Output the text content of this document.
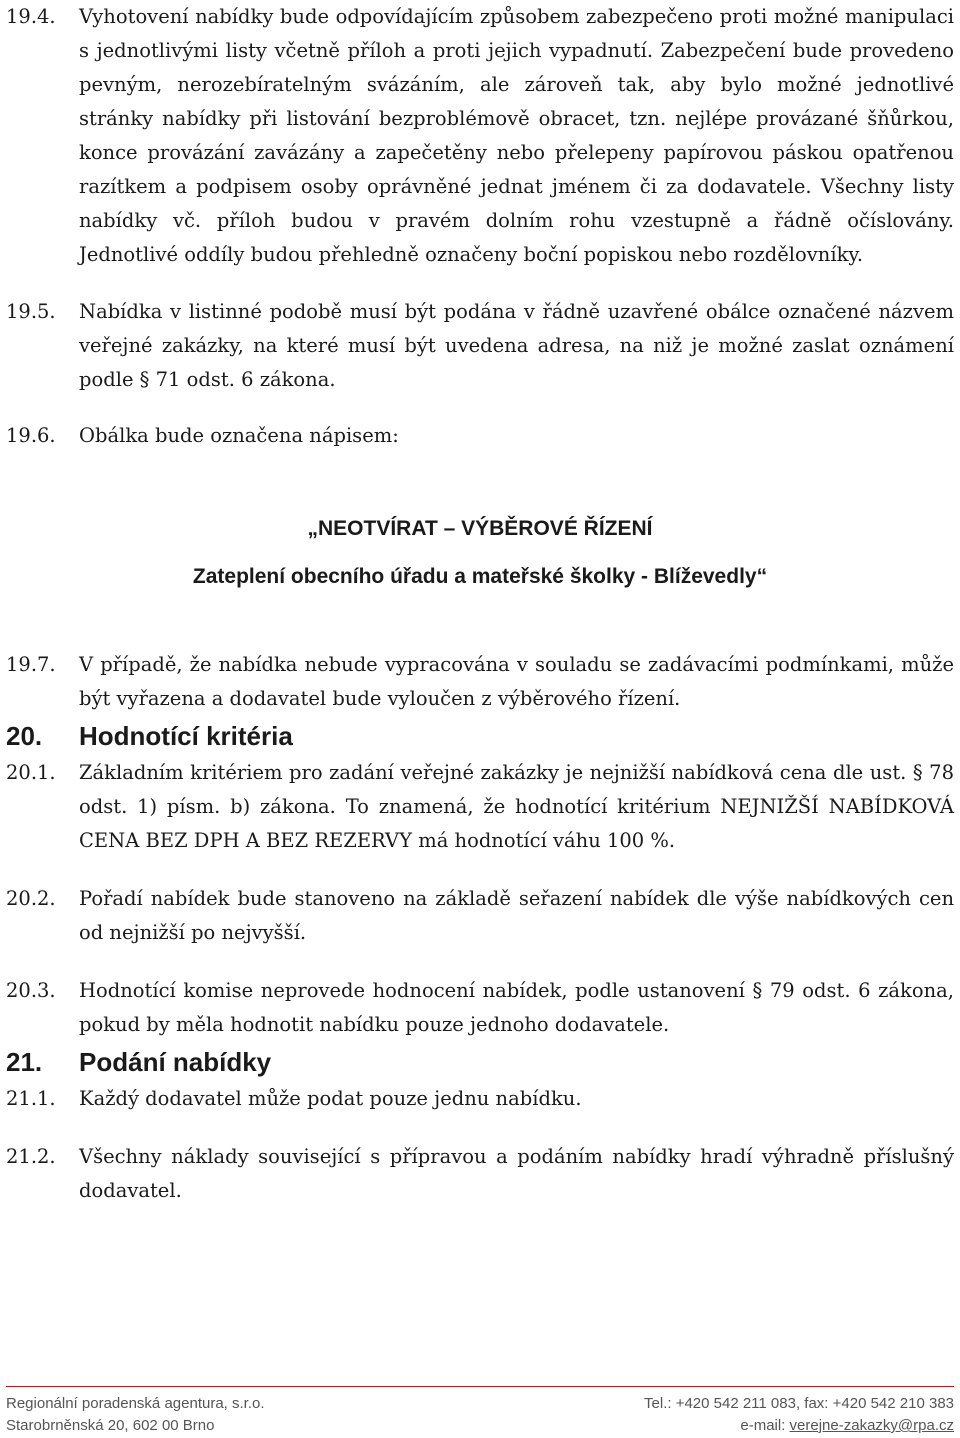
19.4.	Vyhotovení nabídky bude odpovídajícím způsobem zabezpečeno proti možné manipulaci s jednotlivými listy včetně příloh a proti jejich vypadnutí. Zabezpečení bude provedeno pevným, nerozebíratelným svázáním, ale zároveň tak, aby bylo možné jednotlivé stránky nabídky při listování bezproblémově obracet, tzn. nejlépe provázané šňůrkou, konce provázání zavázány a zapečetěny nebo přelepeny papírovou páskou opatřenou razítkem a podpisem osoby oprávněné jednat jménem či za dodavatele. Všechny listy nabídky vč. příloh budou v pravém dolním rohu vzestupně a řádně očíslovány. Jednotlivé oddíly budou přehledně označeny boční popiskou nebo rozdělovníky.
19.5.	Nabídka v listinné podobě musí být podána v řádně uzavřené obálce označené názvem veřejné zakázky, na které musí být uvedena adresa, na niž je možné zaslat oznámení podle § 71 odst. 6 zákona.
19.6.	Obálka bude označena nápisem:
„NEOTVÍRAT – VÝBĚROVÉ ŘÍZENÍ
Zateplení obecního úřadu a mateřské školky - Blíževedly“
19.7.	V případě, že nabídka nebude vypracována v souladu se zadávacími podmínkami, může být vyřazena a dodavatel bude vyloučen z výběrového řízení.
20. Hodnotící kritéria
20.1.	Základním kritériem pro zadání veřejné zakázky je nejnižší nabídková cena dle ust. § 78 odst. 1) písm. b) zákona. To znamená, že hodnotící kritérium NEJNIŽŠÍ NABÍDKOVÁ CENA BEZ DPH A BEZ REZERVY má hodnotící váhu 100 %.
20.2.	Pořadí nabídek bude stanoveno na základě seřazení nabídek dle výše nabídkových cen od nejnižší po nejvyšší.
20.3.	Hodnotící komise neprovede hodnocení nabídek, podle ustanovení § 79 odst. 6 zákona, pokud by měla hodnotit nabídku pouze jednoho dodavatele.
21. Podání nabídky
21.1.	Každý dodavatel může podat pouze jednu nabídku.
21.2.	Všechny náklady související s přípravou a podáním nabídky hradí výhradně příslušný dodavatel.
Regionální poradenská agentura, s.r.o.	Tel.: +420 542 211 083, fax: +420 542 210 383
Starobrněnská 20, 602 00 Brno	e-mail: verejne-zakazky@rpa.cz
